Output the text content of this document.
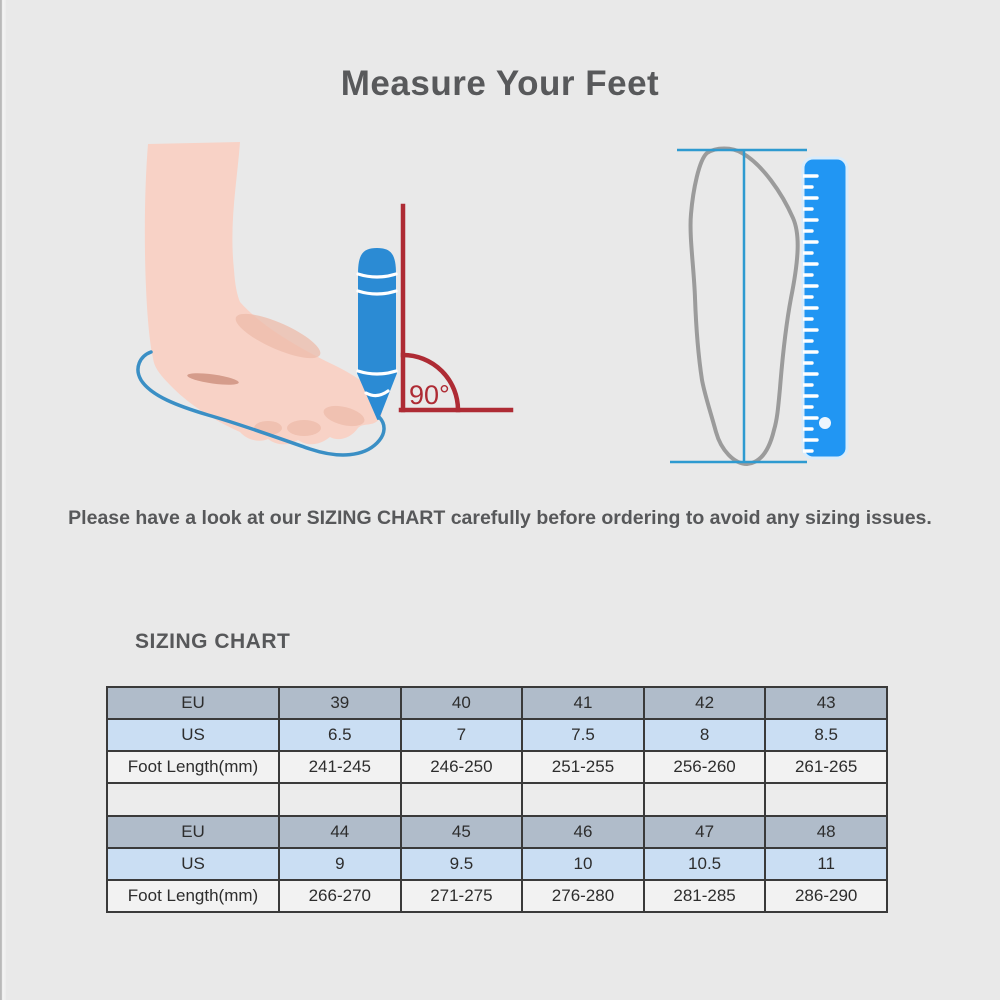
Measure Your Feet
90°

Please have a look at our SIZING CHART carefully before ordering to avoid any sizing issues.

SIZING CHART
EU	39	40	41	42	43
US	6.5	7	7.5	8	8.5
Foot Length(mm)	241-245	246-250	251-255	256-260	261-265

EU	44	45	46	47	48
US	9	9.5	10	10.5	11
Foot Length(mm)	266-270	271-275	276-280	281-285	286-290
